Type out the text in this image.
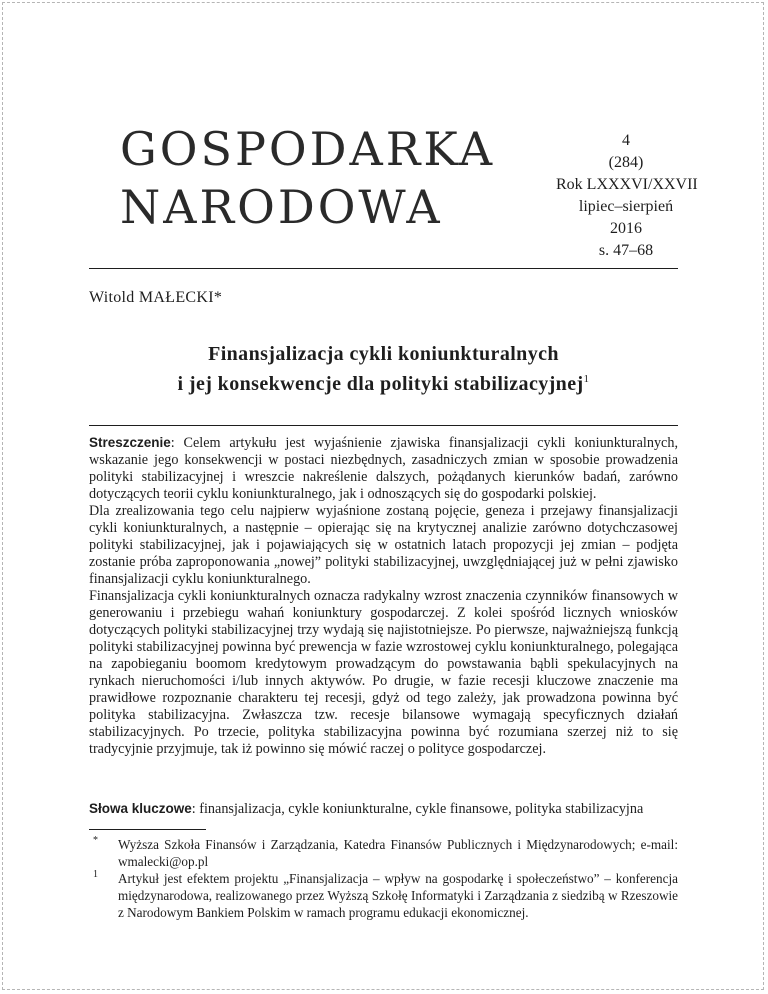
GOSPODARKA
NARODOWA
4
(284)
Rok LXXXVI/XXVII
lipiec–sierpień
2016
s. 47–68
Witold MAŁECKI*
Finansjalizacja cykli koniunkturalnych
i jej konsekwencje dla polityki stabilizacyjnej$^1$

Streszczenie: Celem artykułu jest wyjaśnienie zjawiska finansjalizacji cykli koniunkturalnych, wskazanie jego konsekwencji w postaci niezbędnych, zasadniczych zmian w sposobie prowadzenia polityki stabilizacyjnej i wreszcie nakreślenie dalszych, pożądanych kierunków badań, zarówno dotyczących teorii cyklu koniunkturalnego, jak i odnoszących się do gospodarki polskiej.

Dla zrealizowania tego celu najpierw wyjaśnione zostaną pojęcie, geneza i przejawy finansjalizacji cykli koniunkturalnych, a następnie – opierając się na krytycznej analizie zarówno dotychczasowej polityki stabilizacyjnej, jak i pojawiających się w ostatnich latach propozycji jej zmian – podjęta zostanie próba zaproponowania „nowej” polityki stabilizacyjnej, uwzględniającej już w pełni zjawisko finansjalizacji cyklu koniunkturalnego.

Finansjalizacja cykli koniunkturalnych oznacza radykalny wzrost znaczenia czynników finansowych w generowaniu i przebiegu wahań koniunktury gospodarczej. Z kolei spośród licznych wniosków dotyczących polityki stabilizacyjnej trzy wydają się najistotniejsze. Po pierwsze, najważniejszą funkcją polityki stabilizacyjnej powinna być prewencja w fazie wzrostowej cyklu koniunkturalnego, polegająca na zapobieganiu boomom kredytowym prowadzącym do powstawania bąbli spekulacyjnych na rynkach nieruchomości i/lub innych aktywów. Po drugie, w fazie recesji kluczowe znaczenie ma prawidłowe rozpoznanie charakteru tej recesji, gdyż od tego zależy, jak prowadzona powinna być polityka stabilizacyjna. Zwłaszcza tzw. recesje bilansowe wymagają specyficznych działań stabilizacyjnych. Po trzecie, polityka stabilizacyjna powinna być rozumiana szerzej niż to się tradycyjnie przyjmuje, tak iż powinno się mówić raczej o polityce gospodarczej.

Słowa kluczowe: finansjalizacja, cykle koniunkturalne, cykle finansowe, polityka stabilizacyjna
* Wyższa Szkoła Finansów i Zarządzania, Katedra Finansów Publicznych i Międzynarodowych; e-mail: wmalecki@op.pl
1 Artykuł jest efektem projektu „Finansjalizacja – wpływ na gospodarkę i społeczeństwo” – konferencja międzynarodowa, realizowanego przez Wyższą Szkołę Informatyki i Zarządzania z siedzibą w Rzeszowie z Narodowym Bankiem Polskim w ramach programu edukacji ekonomicznej.
